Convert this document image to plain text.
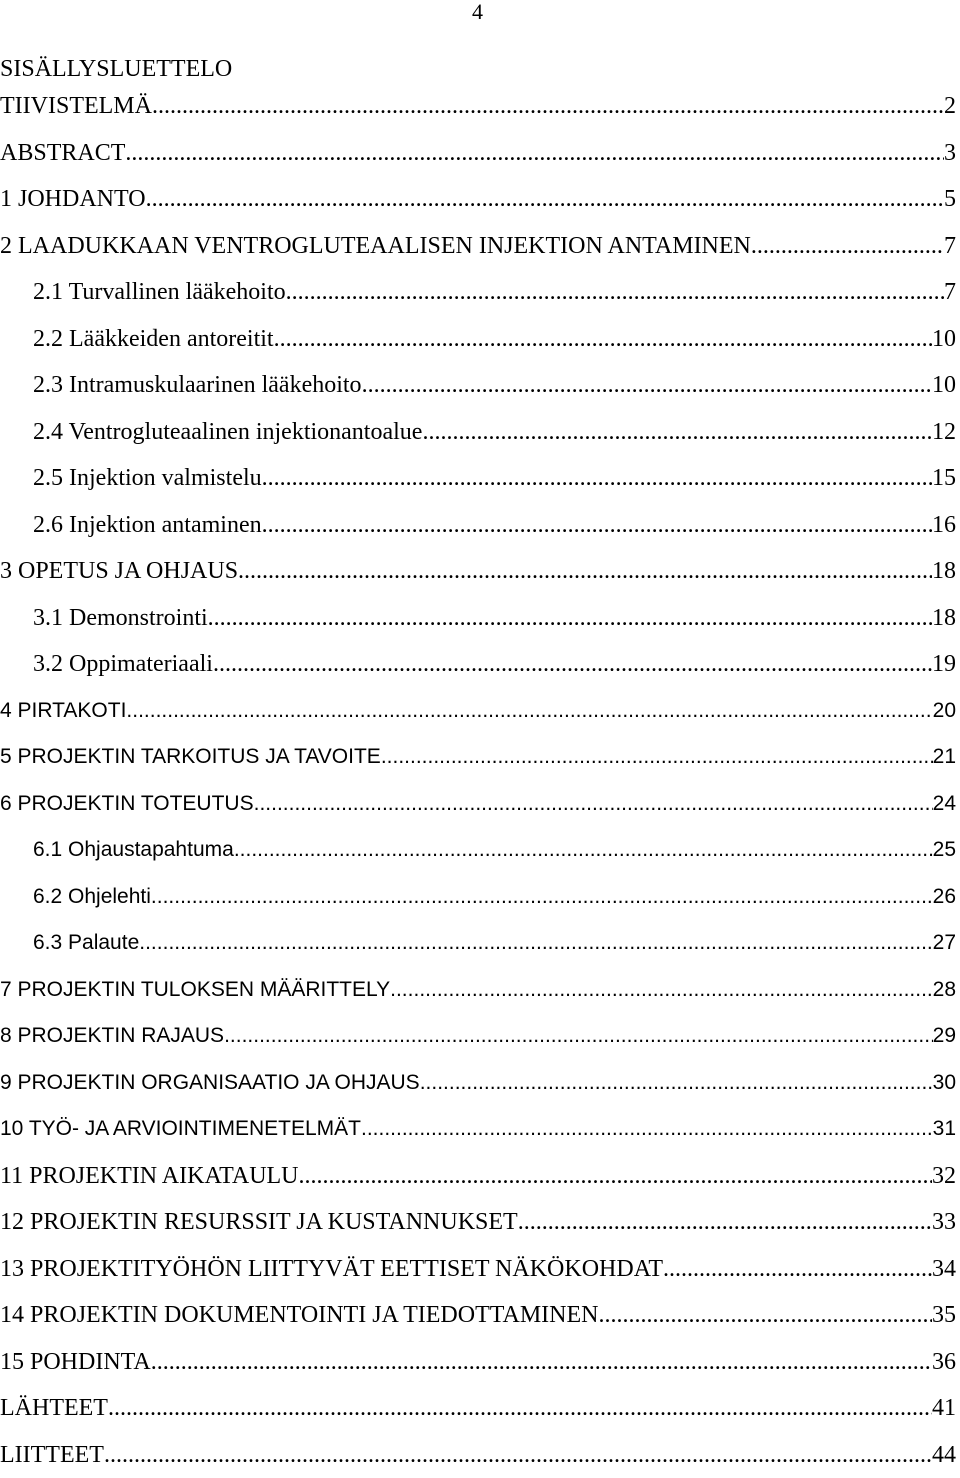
4
SISÄLLYSLUETTELO
TIIVISTELMÄ .....	2
ABSTRACT .....	3
1 JOHDANTO .....	5
2 LAADUKKAAN VENTROGLUTEAALISEN INJEKTION ANTAMINEN .....	7
2.1 Turvallinen lääkehoito .....	7
2.2 Lääkkeiden antoreitit .....	10
2.3 Intramuskulaarinen lääkehoito .....	10
2.4 Ventrogluteaalinen injektionantoalue .....	12
2.5 Injektion valmistelu .....	15
2.6 Injektion antaminen .....	16
3 OPETUS JA OHJAUS .....	18
3.1 Demonstrointi .....	18
3.2 Oppimateriaali .....	19
4 PIRTAKOTI .....	20
5 PROJEKTIN TARKOITUS JA TAVOITE .....	21
6 PROJEKTIN TOTEUTUS .....	24
6.1 Ohjaustapahtuma .....	25
6.2 Ohjelehti .....	26
6.3 Palaute .....	27
7 PROJEKTIN TULOKSEN MÄÄRITTELY .....	28
8 PROJEKTIN RAJAUS .....	29
9 PROJEKTIN ORGANISAATIO JA OHJAUS .....	30
10 TYÖ- JA ARVIOINTIMENETELMÄT .....	31
11 PROJEKTIN AIKATAULU .....	32
12 PROJEKTIN RESURSSIT JA KUSTANNUKSET .....	33
13 PROJEKTITYÖHÖN LIITTYVÄT EETTISET NÄKÖKOHDAT .....	34
14 PROJEKTIN DOKUMENTOINTI JA TIEDOTTAMINEN .....	35
15 POHDINTA .....	36
LÄHTEET .....	41
LIITTEET .....	44
